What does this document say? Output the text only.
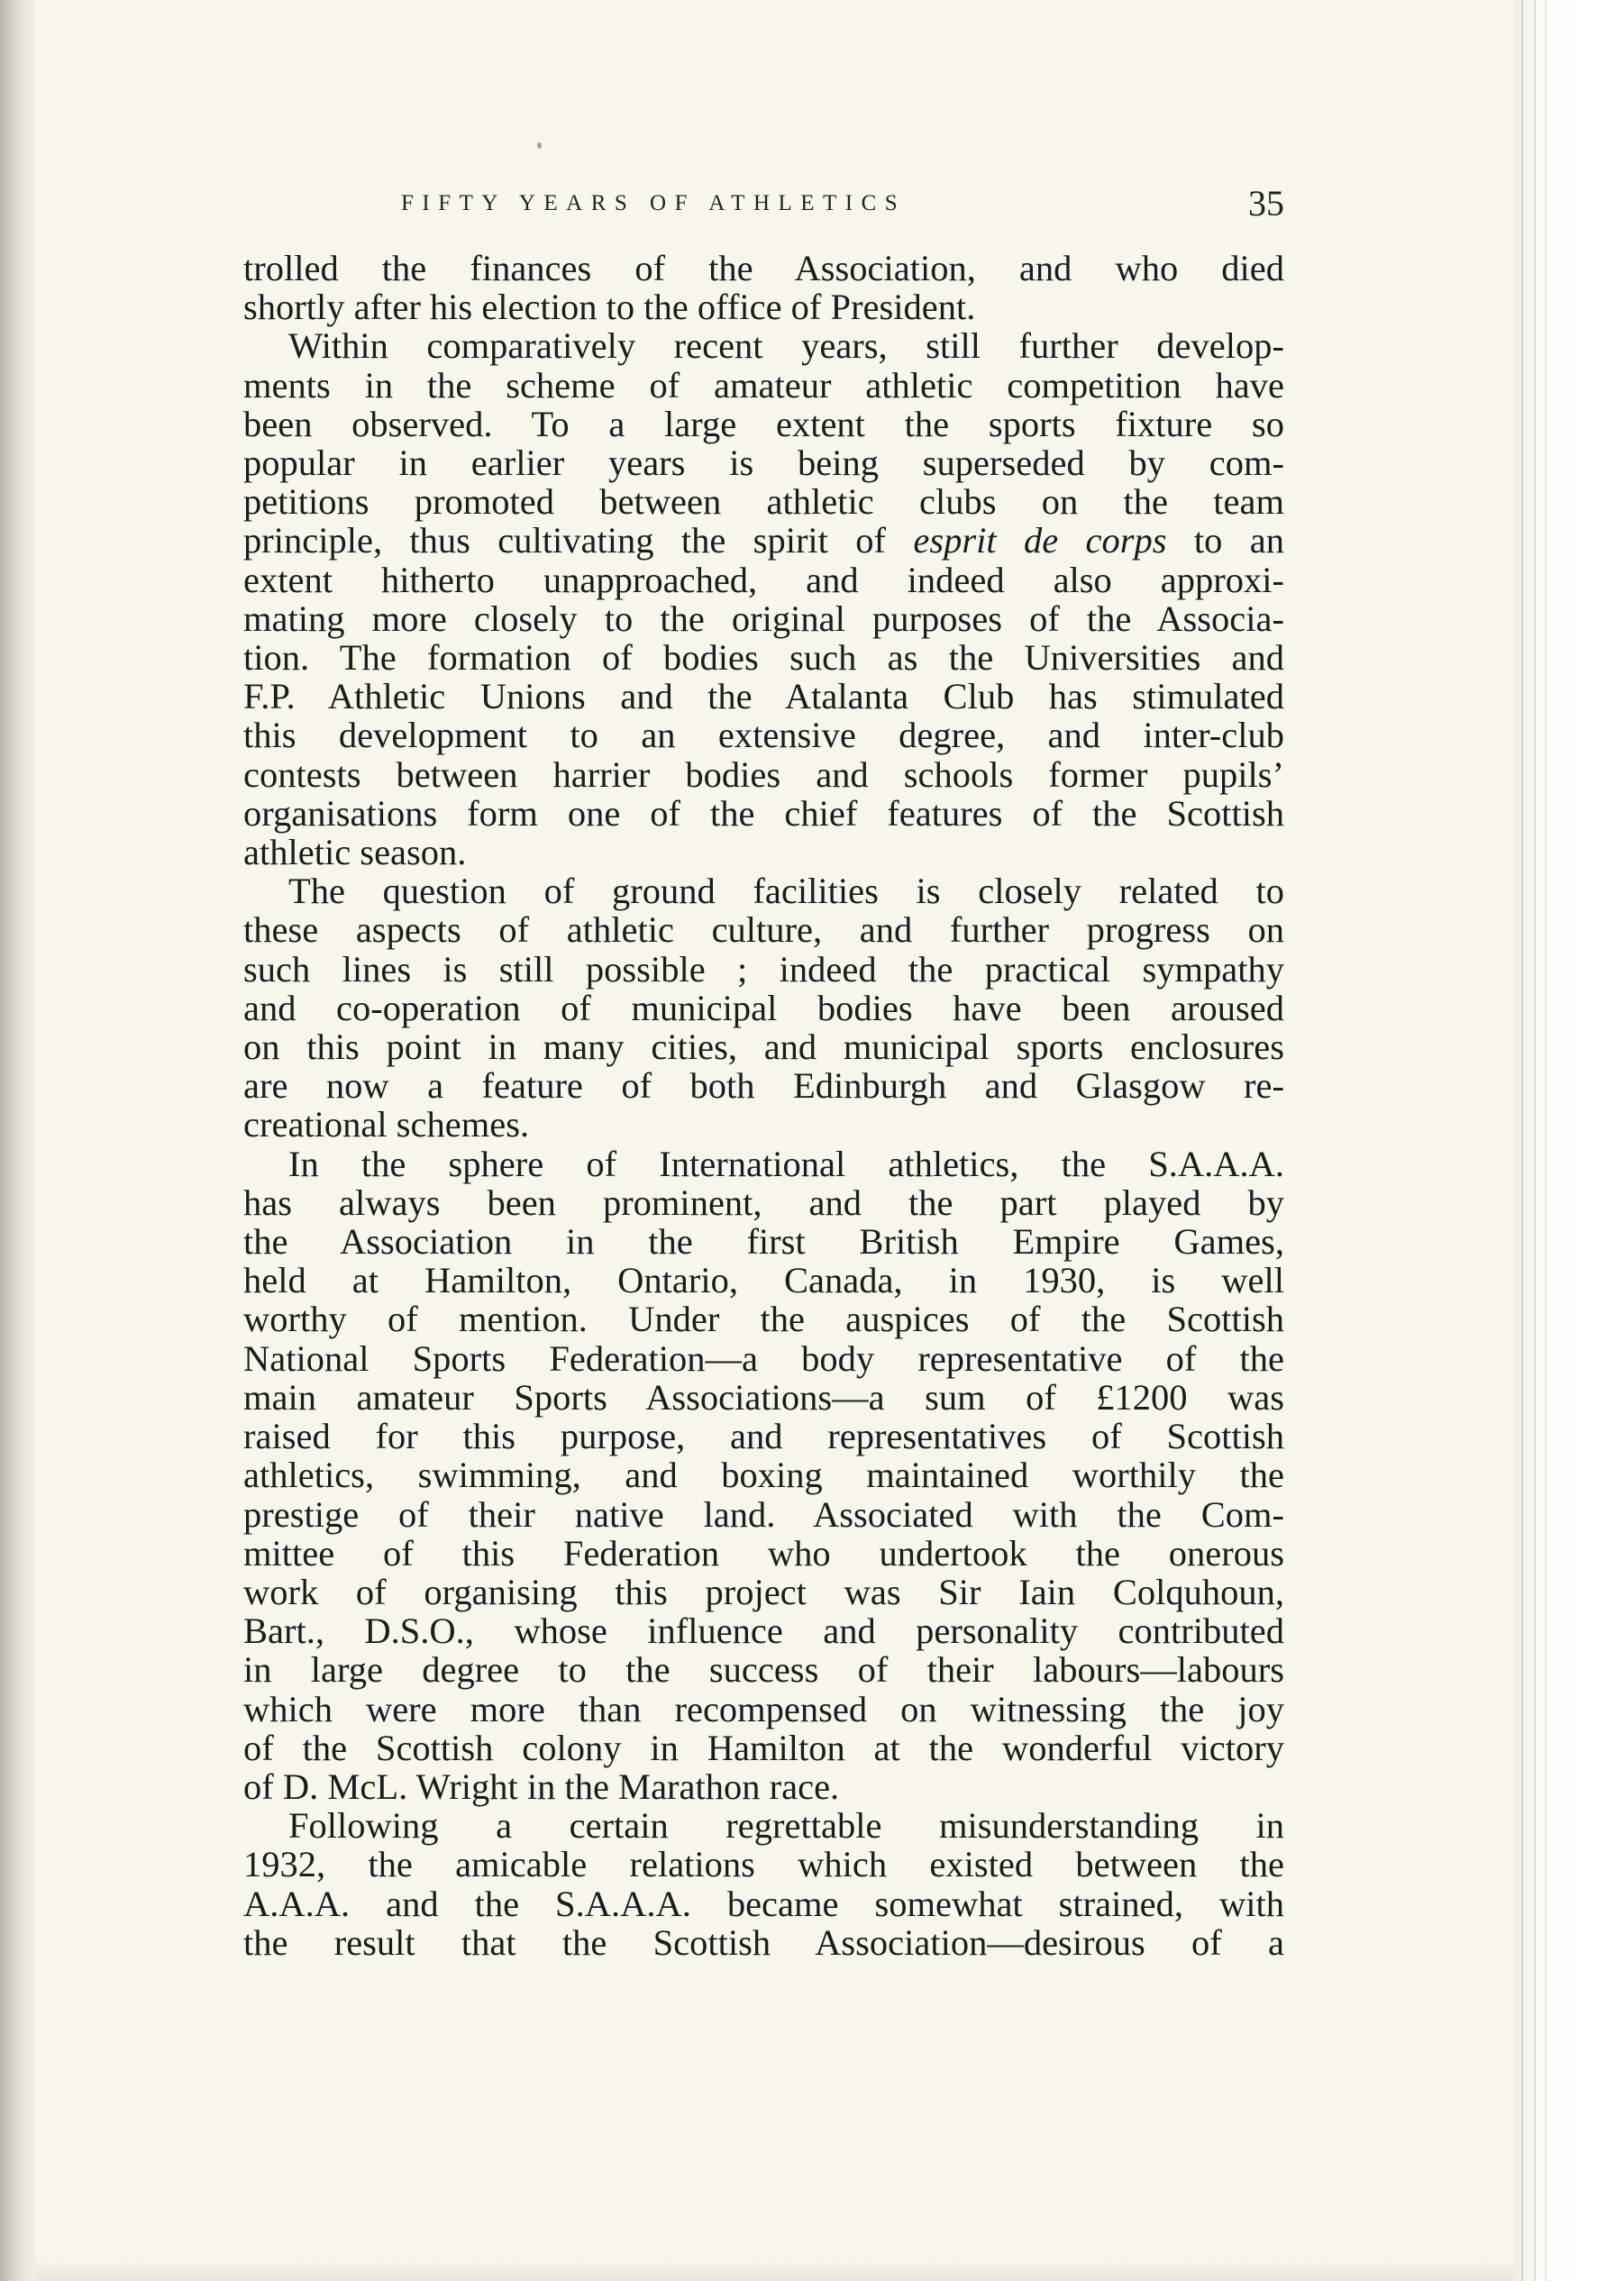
FIFTY YEARS OF ATHLETICS	35
trolled the finances of the Association, and who died
shortly after his election to the office of President.
Within comparatively recent years, still further develop-
ments in the scheme of amateur athletic competition have
been observed. To a large extent the sports fixture so
popular in earlier years is being superseded by com-
petitions promoted between athletic clubs on the team
principle, thus cultivating the spirit of esprit de corps to an
extent hitherto unapproached, and indeed also approxi-
mating more closely to the original purposes of the Associa-
tion. The formation of bodies such as the Universities and
F.P. Athletic Unions and the Atalanta Club has stimulated
this development to an extensive degree, and inter-club
contests between harrier bodies and schools former pupils’
organisations form one of the chief features of the Scottish
athletic season.
The question of ground facilities is closely related to
these aspects of athletic culture, and further progress on
such lines is still possible ; indeed the practical sympathy
and co-operation of municipal bodies have been aroused
on this point in many cities, and municipal sports enclosures
are now a feature of both Edinburgh and Glasgow re-
creational schemes.
In the sphere of International athletics, the S.A.A.A.
has always been prominent, and the part played by
the Association in the first British Empire Games,
held at Hamilton, Ontario, Canada, in 1930, is well
worthy of mention. Under the auspices of the Scottish
National Sports Federation—a body representative of the
main amateur Sports Associations—a sum of £1200 was
raised for this purpose, and representatives of Scottish
athletics, swimming, and boxing maintained worthily the
prestige of their native land. Associated with the Com-
mittee of this Federation who undertook the onerous
work of organising this project was Sir Iain Colquhoun,
Bart., D.S.O., whose influence and personality contributed
in large degree to the success of their labours—labours
which were more than recompensed on witnessing the joy
of the Scottish colony in Hamilton at the wonderful victory
of D. McL. Wright in the Marathon race.
Following a certain regrettable misunderstanding in
1932, the amicable relations which existed between the
A.A.A. and the S.A.A.A. became somewhat strained, with
the result that the Scottish Association—desirous of a
